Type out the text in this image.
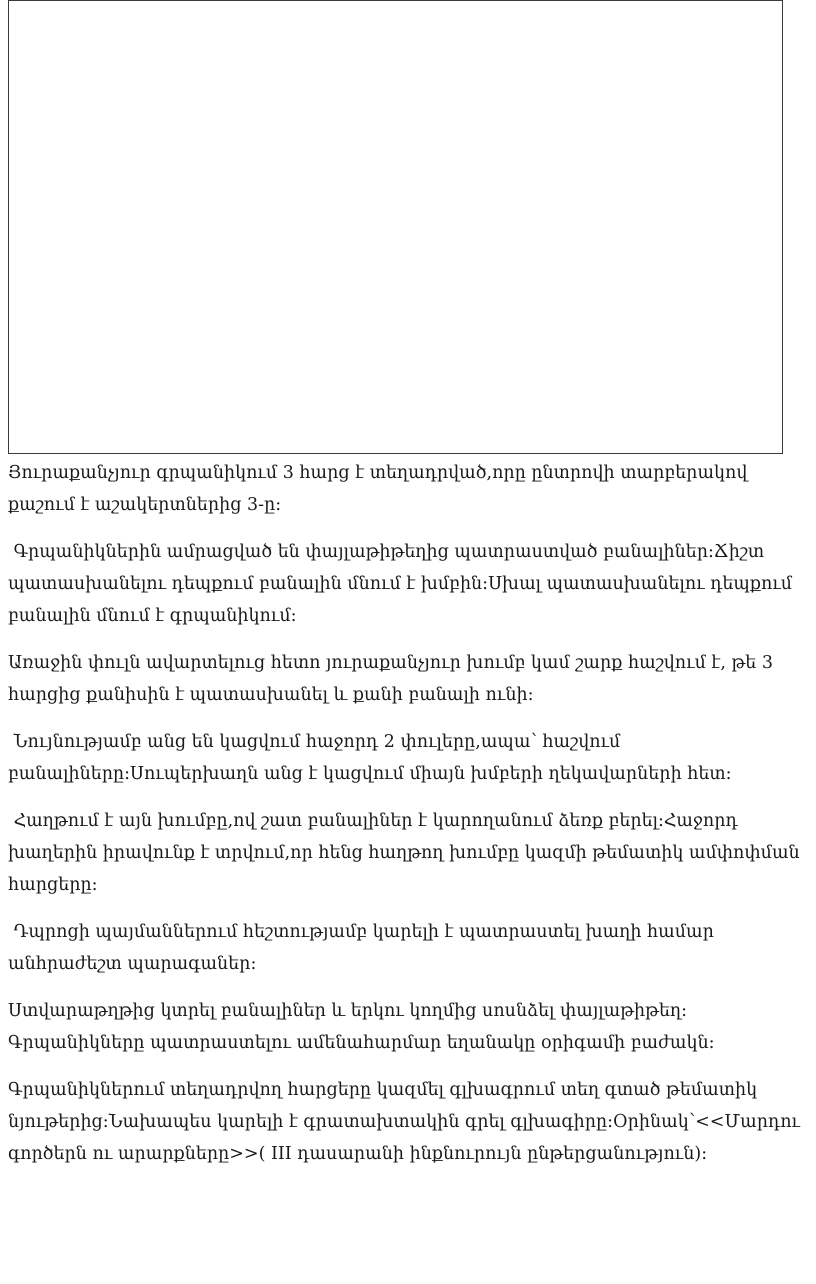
Յուրաքանչյուր գրպանիկում 3 հարց է տեղադրված,որը ընտրովի տարբերակով քաշում է աշակերտներից 3-ը:

Գրպանիկներին ամրացված են փայլաթիթեղից պատրաստված բանալիներ:Ճիշտ պատասխանելու դեպքում բանալին մնում է խմբին:Սխալ պատասխանելու դեպքում բանալին մնում է գրպանիկում:

Առաջին փուլն ավարտելուց հետո յուրաքանչյուր խումբ կամ շարք հաշվում է, թե 3 հարցից քանիսին է պատասխանել և քանի բանալի ունի:

Նույնությամբ անց են կացվում հաջորդ 2 փուլերը,ապա՝ հաշվում բանալիները:Սուպերխաղն անց է կացվում միայն խմբերի ղեկավարների հետ:

Հաղթում է այն խումբը,ով շատ բանալիներ է կարողանում ձեռք բերել:Հաջորդ խաղերին իրավունք է տրվում,որ հենց հաղթող խումբը կազմի թեմատիկ ամփոփման հարցերը:

Դպրոցի պայմաններում հեշտությամբ կարելի է պատրաստել խաղի համար անհրաժեշտ պարագաներ:

Ստվարաթղթից կտրել բանալիներ և երկու կողմից սոսնձել փայլաթիթեղ: Գրպանիկները պատրաստելու ամենահարմար եղանակը օրիգամի բաժակն:

Գրպանիկներում տեղադրվող հարցերը կազմել գլխագրում տեղ գտած թեմատիկ նյութերից:Նախապես կարելի է գրատախտակին գրել գլխագիրը:Օրինակ՝<<Մարդու գործերն ու արարքները>>( III դասարանի ինքնուրույն ընթերցանություն):
